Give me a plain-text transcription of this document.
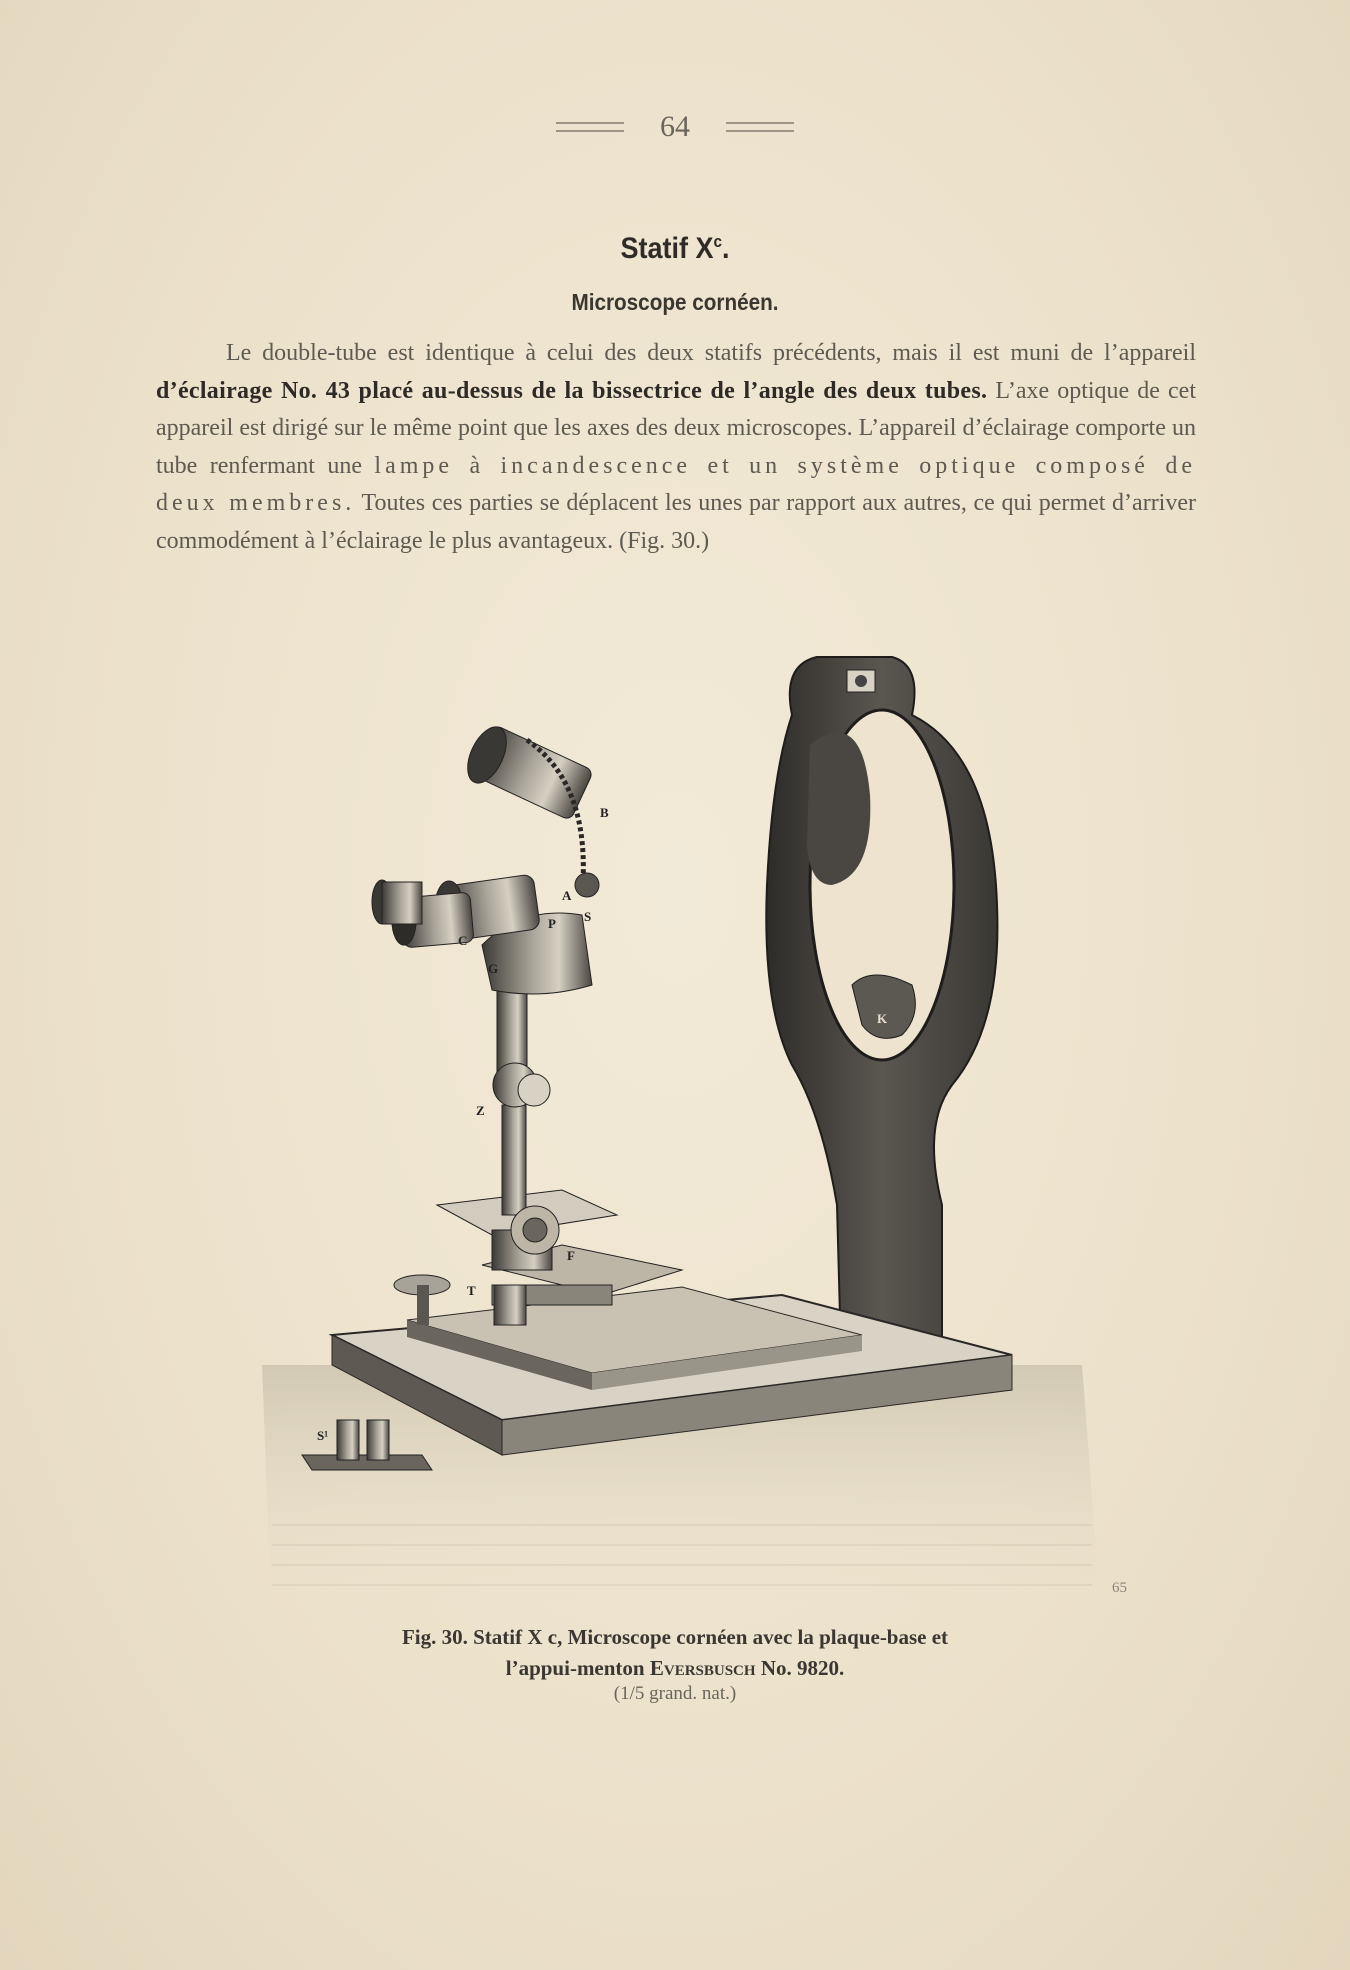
64
Statif $X^c$.
Microscope cornéen.
Le double-tube est identique à celui des deux statifs précédents, mais il est muni de l’appareil d’éclairage No. 43 placé au-dessus de la bissectrice de l’angle des deux tubes. L’axe optique de cet appareil est dirigé sur le même point que les axes des deux microscopes. L’appareil d’éclairage comporte un tube renfermant une lampe à incandescence et un système optique composé de deux membres. Toutes ces parties se déplacent les unes par rapport aux autres, ce qui permet d’arriver commodément à l’éclairage le plus avantageux. (Fig. 30.)
B
S
A
P
C
G
Z
F
T
K
S¹
65
Fig. 30. Statif X c, Microscope cornéen avec la plaque-base et
l’appui-menton Eversbusch No. 9820.
(1/5 grand. nat.)
